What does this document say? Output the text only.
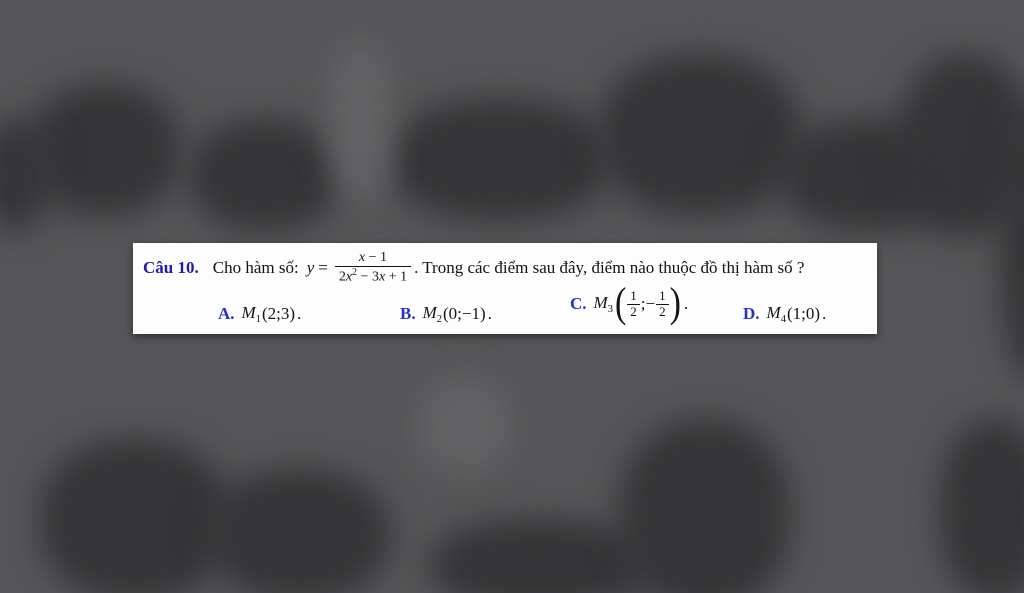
Câu 10. Cho hàm số: $y = \frac{x - 1}{2x^2 - 3x + 1}$ . Trong các điểm sau đây, điểm nào thuộc đồ thị hàm số ?
A. $M_1$ (2;3) .	B. $M_2$ (0;−1) .
C. $M_3$ ( $\frac{1}{2}$ ;− $\frac{1}{2}$ ) .
D. $M_4$ (1;0) .
